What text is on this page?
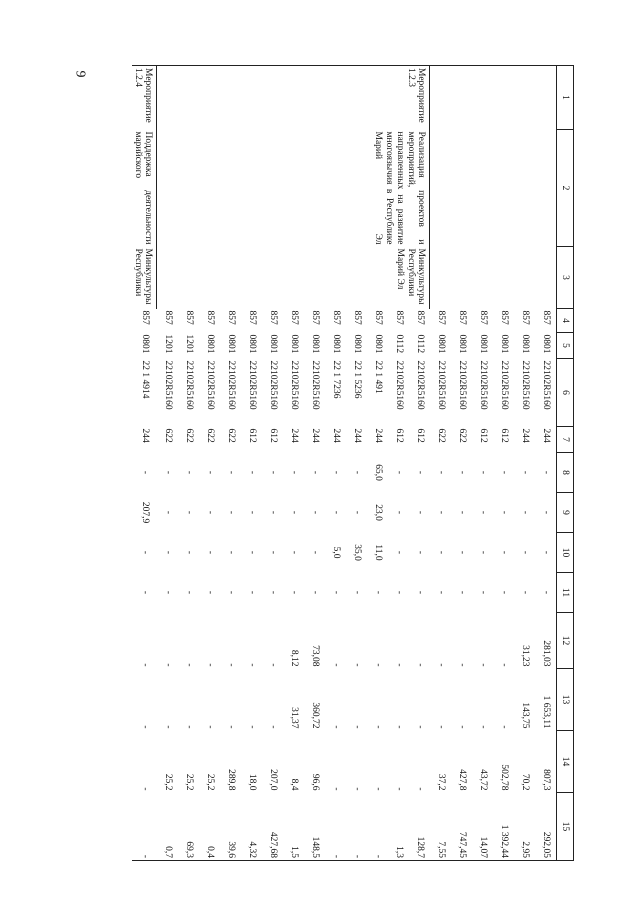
9
1	2	3	4	5	6	7	8	9	10	11	12	13	14	15
			857	0801	22102R5160	244	-	-	-	-	281,03	1 653,11	807,3	292,05
			857	0801	22102R5160	244	-	-	-	-	31,23	143,75	70,2	2,95
			857	0801	22102R5160	612	-	-	-	-	-	-	502,78	1 392,44
			857	0801	22102R5160	612	-	-	-	-	-	-	43,72	14,07
			857	0801	22102R5160	622	-	-	-	-	-	-	427,8	747,45
			857	0801	22102R5160	622	-	-	-	-	-	-	37,2	7,55
Мероприятие 1.2.3	Реализация проектов и мероприятий, направленных на развитие многоязычия в Республике Марий Эл	Минкультуры Республики Марий Эл	857	0112	22102R5160	612	-	-	-	-	-	-	-	128,7
			857	0112	22102R5160	612	-	-	-	-	-	-	-	1,3
			857	0801	22 1 491	244	65,0	23,0	11,0	-	-	-	-	-
			857	0801	22 1 5236	244	-	-	35,0	-	-	-	-	-
			857	0801	22 1 7236	244	-	-	5,0	-	-	-	-	-
			857	0801	22102R5160	244	-	-	-	-	73,08	360,72	96,6	148,5
			857	0801	22102R5160	244	-	-	-	-	8,12	31,37	8,4	1,5
			857	0801	22102R5160	612	-	-	-	-	-	-	207,0	427,68
			857	0801	22102R5160	612	-	-	-	-	-	-	18,0	4,32
			857	0801	22102R5160	622	-	-	-	-	-	-	289,8	39,6
			857	0801	22102R5160	622	-	-	-	-	-	-	25,2	0,4
			857	1201	22102R5160	622	-	-	-	-	-	-	25,2	69,3
			857	1201	22102R5160	622	-	-	-	-	-	-	25,2	0,7
Мероприятие 1.2.4	Поддержка деятельности марийского	Минкультуры Республики	857	0801	22 1 4914	244	-	207,9	-	-	-	-	-	-
